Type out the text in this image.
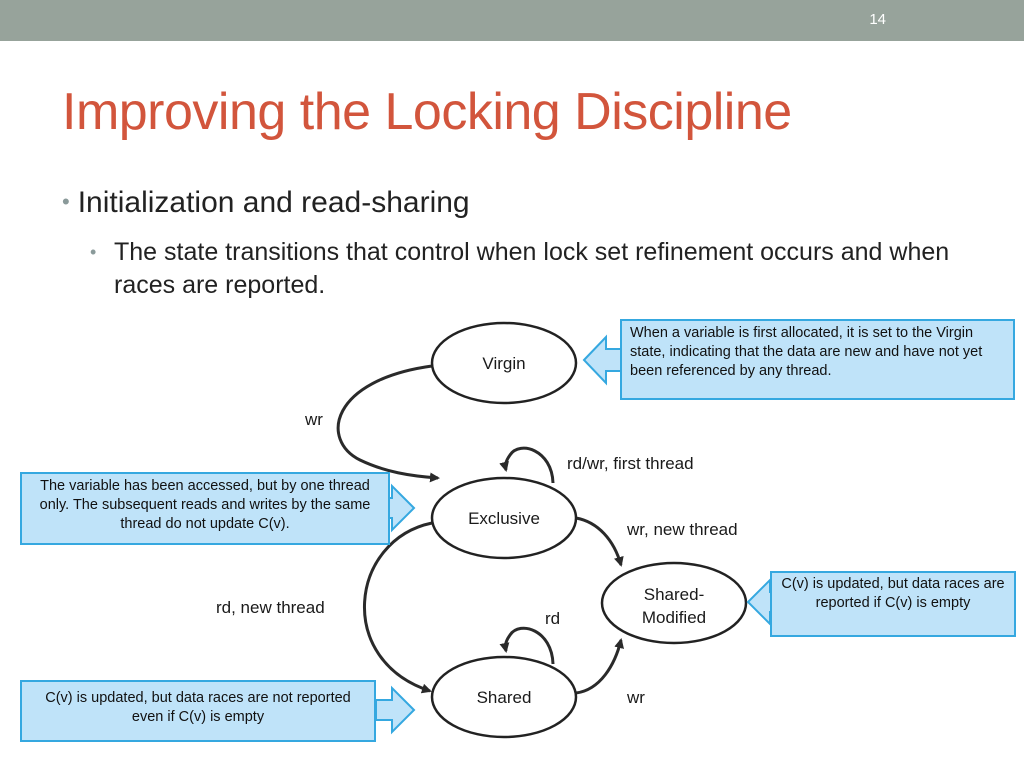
14
Improving the Locking Discipline
• Initialization and read-sharing
• The state transitions that control when lock set refinement occurs and when races are reported.
Virgin
Exclusive
Shared-
Modified
Shared
wr
rd/wr, first thread
wr, new thread
rd, new thread
rd
wr
When a variable is first allocated, it is set to the Virgin state, indicating that the data are new and have not yet been referenced by any thread.
The variable has been accessed, but by one thread only. The subsequent reads and writes by the same thread do not update C(v).
C(v) is updated, but data races are reported if C(v) is empty
C(v) is updated, but data races are not reported even if C(v) is empty
